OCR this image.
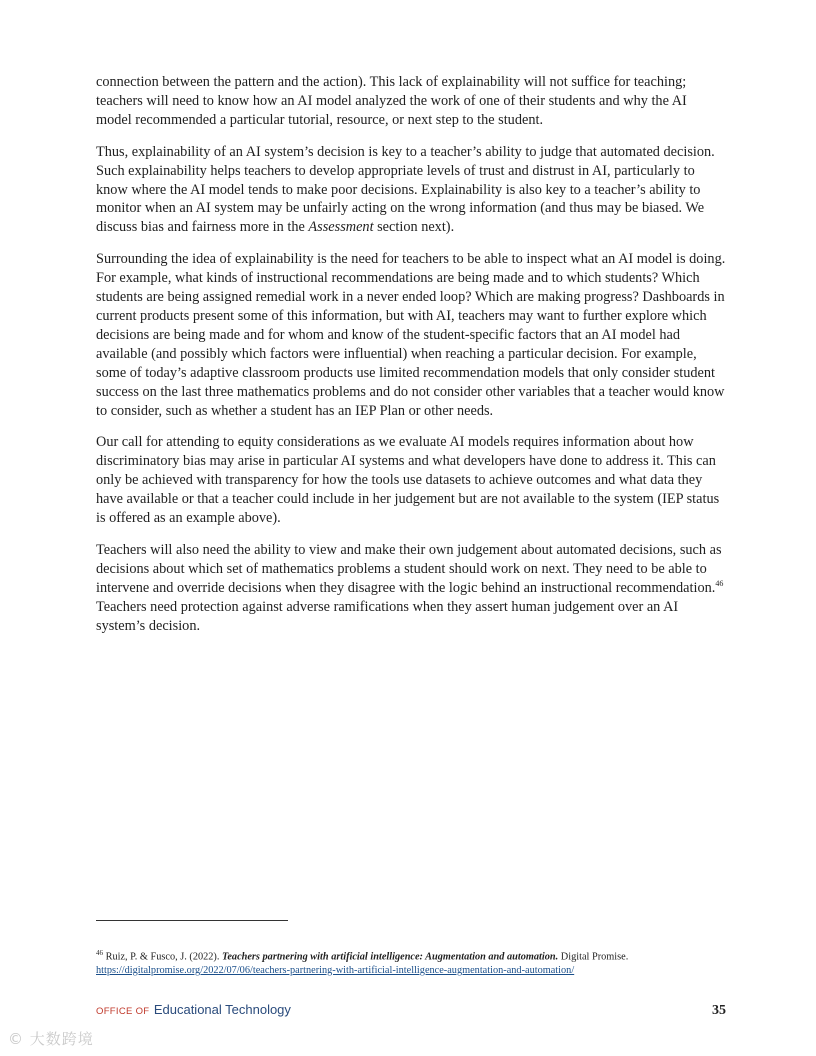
connection between the pattern and the action). This lack of explainability will not suffice for teaching; teachers will need to know how an AI model analyzed the work of one of their students and why the AI model recommended a particular tutorial, resource, or next step to the student.

Thus, explainability of an AI system’s decision is key to a teacher’s ability to judge that automated decision. Such explainability helps teachers to develop appropriate levels of trust and distrust in AI, particularly to know where the AI model tends to make poor decisions. Explainability is also key to a teacher’s ability to monitor when an AI system may be unfairly acting on the wrong information (and thus may be biased. We discuss bias and fairness more in the Assessment section next).

Surrounding the idea of explainability is the need for teachers to be able to inspect what an AI model is doing. For example, what kinds of instructional recommendations are being made and to which students? Which students are being assigned remedial work in a never ended loop? Which are making progress? Dashboards in current products present some of this information, but with AI, teachers may want to further explore which decisions are being made and for whom and know of the student-specific factors that an AI model had available (and possibly which factors were influential) when reaching a particular decision. For example, some of today’s adaptive classroom products use limited recommendation models that only consider student success on the last three mathematics problems and do not consider other variables that a teacher would know to consider, such as whether a student has an IEP Plan or other needs.

Our call for attending to equity considerations as we evaluate AI models requires information about how discriminatory bias may arise in particular AI systems and what developers have done to address it. This can only be achieved with transparency for how the tools use datasets to achieve outcomes and what data they have available or that a teacher could include in her judgement but are not available to the system (IEP status is offered as an example above).

Teachers will also need the ability to view and make their own judgement about automated decisions, such as decisions about which set of mathematics problems a student should work on next. They need to be able to intervene and override decisions when they disagree with the logic behind an instructional recommendation.$^{46}$ Teachers need protection against adverse ramifications when they assert human judgement over an AI system’s decision.

$^{46}$ Ruiz, P. & Fusco, J. (2022). Teachers partnering with artificial intelligence: Augmentation and automation. Digital Promise.
https://digitalpromise.org/2022/07/06/teachers-partnering-with-artificial-intelligence-augmentation-and-automation/
OFFICE OF Educational Technology	35
© 大数跨境
